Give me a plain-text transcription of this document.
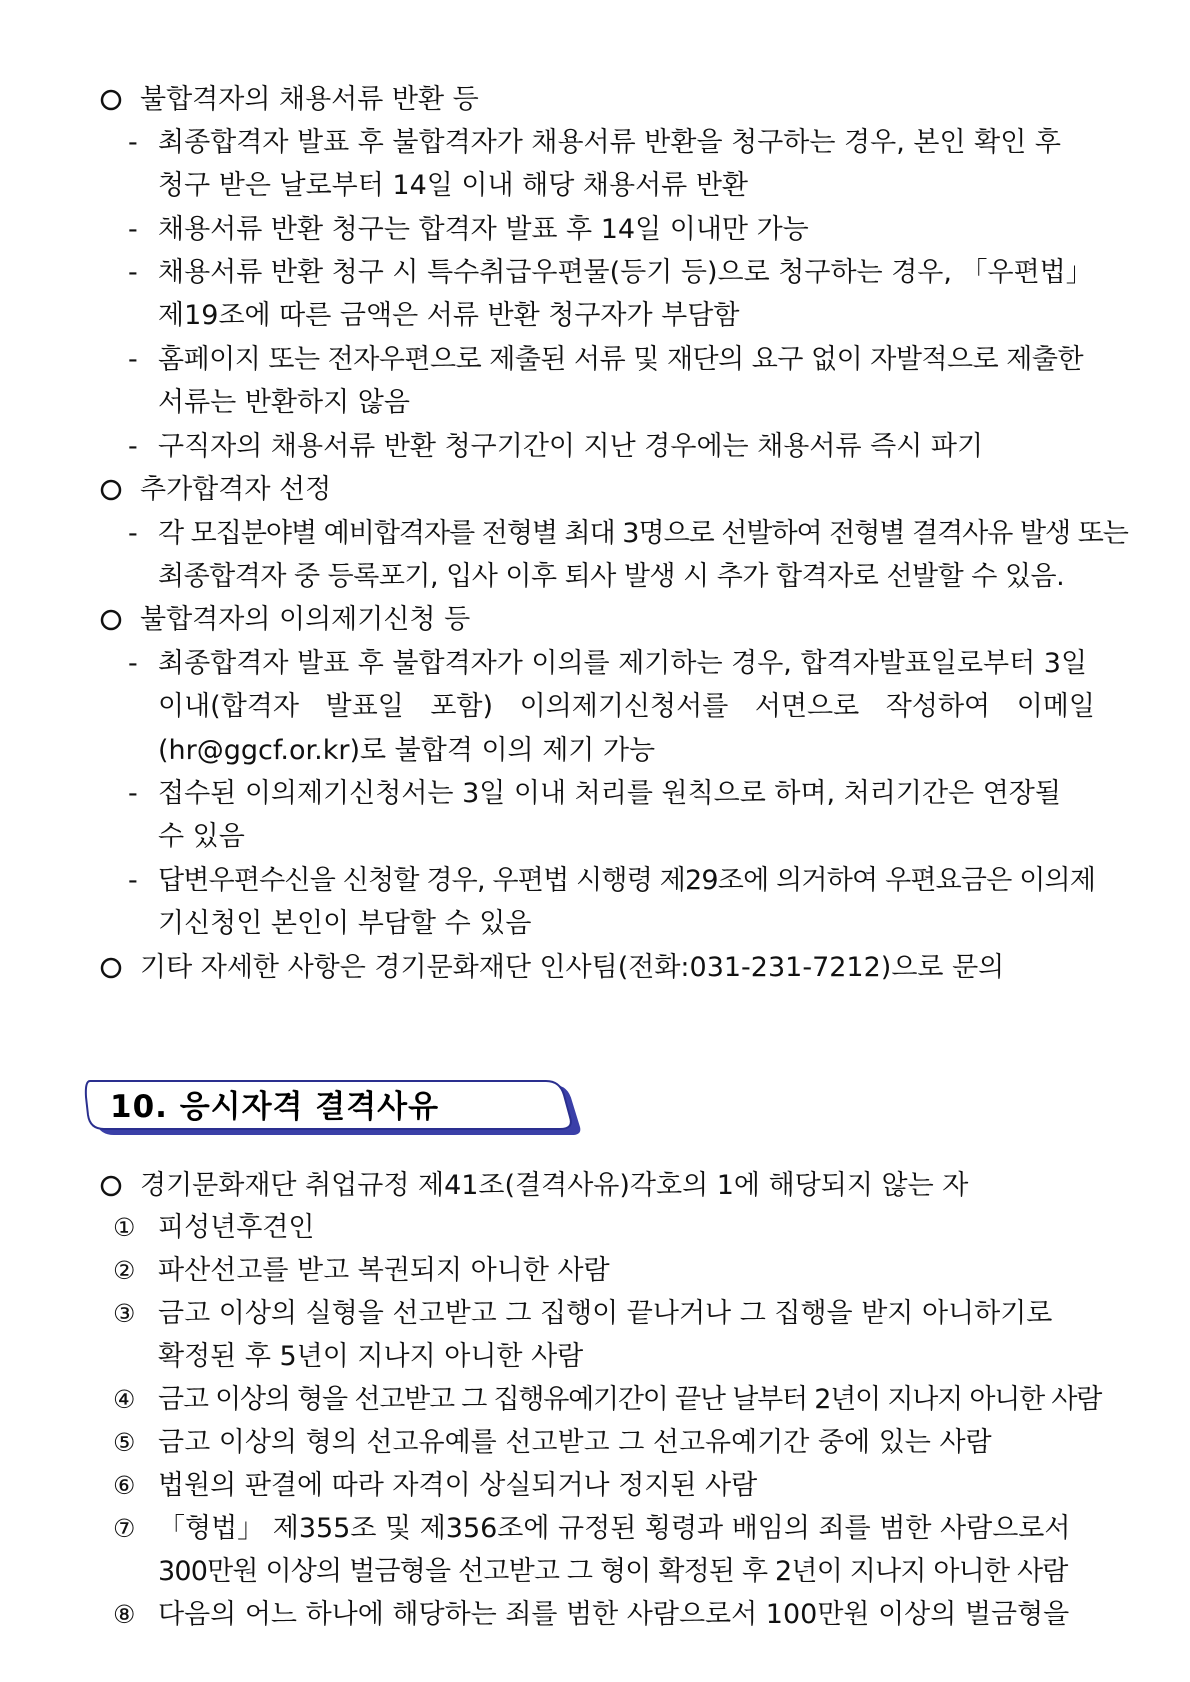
불합격자의 채용서류 반환 등
- 최종합격자 발표 후 불합격자가 채용서류 반환을 청구하는 경우, 본인 확인 후
청구 받은 날로부터 14일 이내 해당 채용서류 반환
- 채용서류 반환 청구는 합격자 발표 후 14일 이내만 가능
- 채용서류 반환 청구 시 특수취급우편물(등기 등)으로 청구하는 경우, 「우편법」
제19조에 따른 금액은 서류 반환 청구자가 부담함
- 홈페이지 또는 전자우편으로 제출된 서류 및 재단의 요구 없이 자발적으로 제출한
서류는 반환하지 않음
- 구직자의 채용서류 반환 청구기간이 지난 경우에는 채용서류 즉시 파기
추가합격자 선정
- 각 모집분야별 예비합격자를 전형별 최대 3명으로 선발하여 전형별 결격사유 발생 또는
최종합격자 중 등록포기, 입사 이후 퇴사 발생 시 추가 합격자로 선발할 수 있음.
불합격자의 이의제기신청 등
- 최종합격자 발표 후 불합격자가 이의를 제기하는 경우, 합격자발표일로부터 3일
이내(합격자 발표일 포함) 이의제기신청서를 서면으로 작성하여 이메일
(hr@ggcf.or.kr)로 불합격 이의 제기 가능
- 접수된 이의제기신청서는 3일 이내 처리를 원칙으로 하며, 처리기간은 연장될
수 있음
- 답변우편수신을 신청할 경우, 우편법 시행령 제29조에 의거하여 우편요금은 이의제
기신청인 본인이 부담할 수 있음
기타 자세한 사항은 경기문화재단 인사팀(전화:031-231-7212)으로 문의
10. 응시자격 결격사유
경기문화재단 취업규정 제41조(결격사유)각호의 1에 해당되지 않는 자
① 피성년후견인
② 파산선고를 받고 복권되지 아니한 사람
③ 금고 이상의 실형을 선고받고 그 집행이 끝나거나 그 집행을 받지 아니하기로
확정된 후 5년이 지나지 아니한 사람
④ 금고 이상의 형을 선고받고 그 집행유예기간이 끝난 날부터 2년이 지나지 아니한 사람
⑤ 금고 이상의 형의 선고유예를 선고받고 그 선고유예기간 중에 있는 사람
⑥ 법원의 판결에 따라 자격이 상실되거나 정지된 사람
⑦ 「형법」 제355조 및 제356조에 규정된 횡령과 배임의 죄를 범한 사람으로서
300만원 이상의 벌금형을 선고받고 그 형이 확정된 후 2년이 지나지 아니한 사람
⑧ 다음의 어느 하나에 해당하는 죄를 범한 사람으로서 100만원 이상의 벌금형을
